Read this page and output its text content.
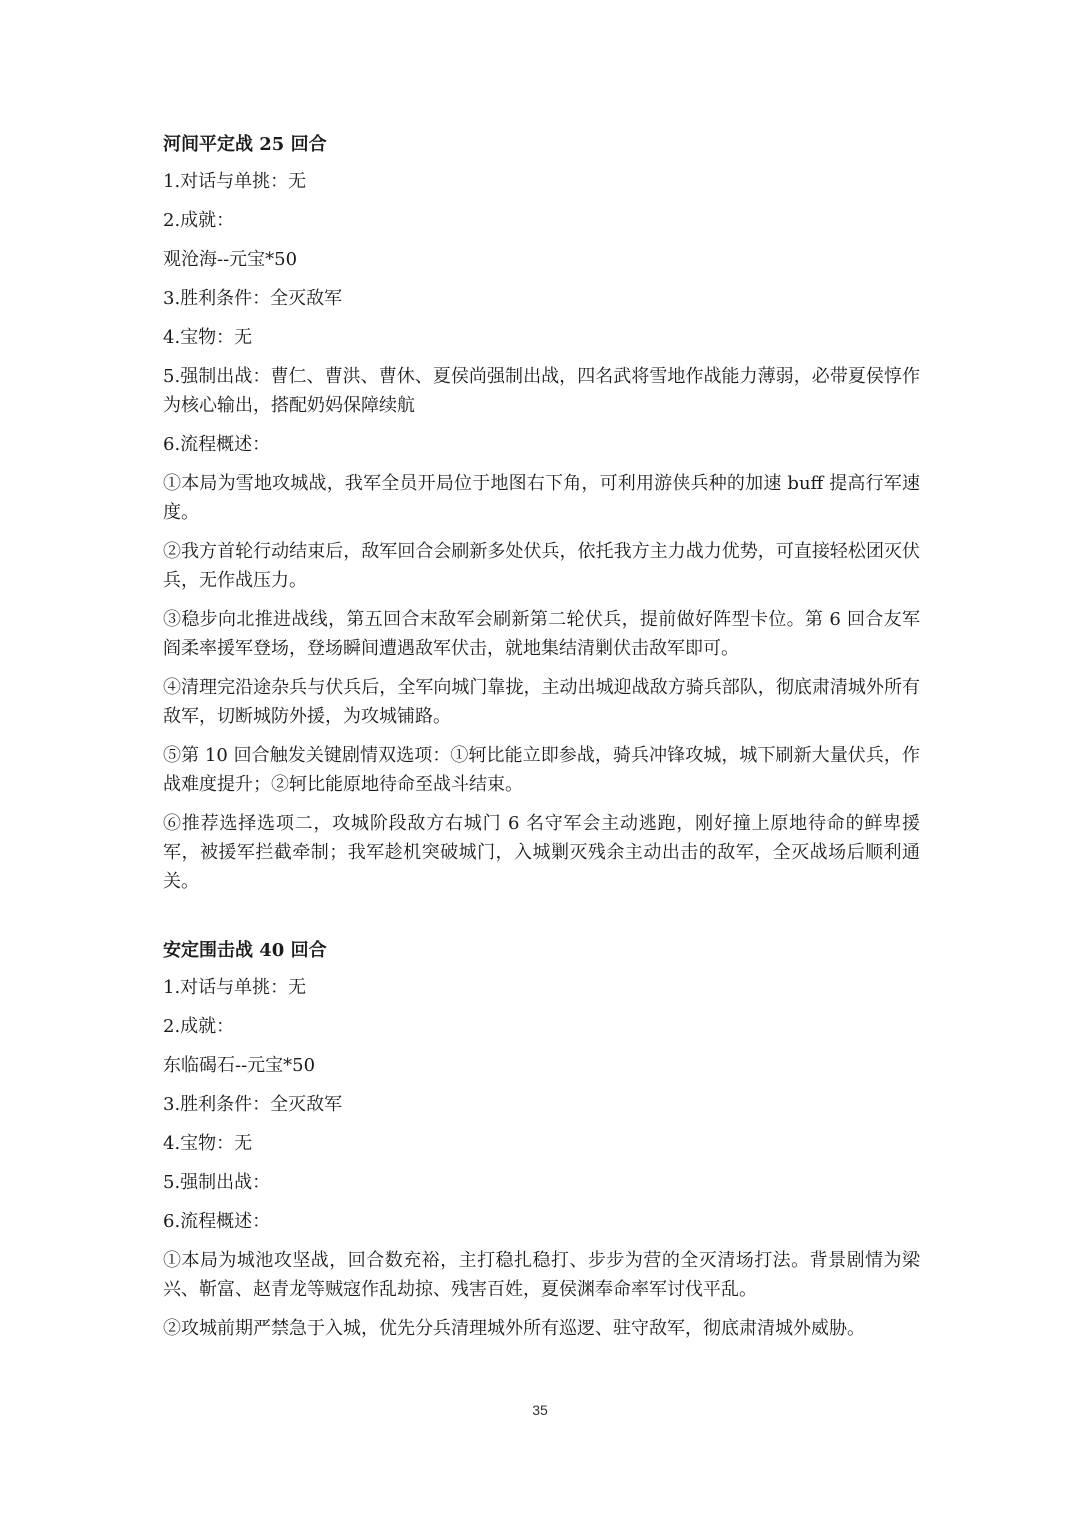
河间平定战 25 回合

1.对话与单挑：无

2.成就：

观沧海--元宝*50

3.胜利条件：全灭敌军

4.宝物：无

5.强制出战：曹仁、曹洪、曹休、夏侯尚强制出战，四名武将雪地作战能力薄弱，必带夏侯惇作为核心输出，搭配奶妈保障续航

6.流程概述：

①本局为雪地攻城战，我军全员开局位于地图右下角，可利用游侠兵种的加速 buff 提高行军速度。

②我方首轮行动结束后，敌军回合会刷新多处伏兵，依托我方主力战力优势，可直接轻松团灭伏兵，无作战压力。

③稳步向北推进战线，第五回合末敌军会刷新第二轮伏兵，提前做好阵型卡位。第 6 回合友军阎柔率援军登场，登场瞬间遭遇敌军伏击，就地集结清剿伏击敌军即可。

④清理完沿途杂兵与伏兵后，全军向城门靠拢，主动出城迎战敌方骑兵部队，彻底肃清城外所有敌军，切断城防外援，为攻城铺路。

⑤第 10 回合触发关键剧情双选项：①轲比能立即参战，骑兵冲锋攻城，城下刷新大量伏兵，作战难度提升；②轲比能原地待命至战斗结束。

⑥推荐选择选项二，攻城阶段敌方右城门 6 名守军会主动逃跑，刚好撞上原地待命的鲜卑援军，被援军拦截牵制；我军趁机突破城门，入城剿灭残余主动出击的敌军，全灭战场后顺利通关。

安定围击战 40 回合

1.对话与单挑：无

2.成就：

东临碣石--元宝*50

3.胜利条件：全灭敌军

4.宝物：无

5.强制出战：

6.流程概述：

①本局为城池攻坚战，回合数充裕，主打稳扎稳打、步步为营的全灭清场打法。背景剧情为梁兴、靳富、赵青龙等贼寇作乱劫掠、残害百姓，夏侯渊奉命率军讨伐平乱。

②攻城前期严禁急于入城，优先分兵清理城外所有巡逻、驻守敌军，彻底肃清城外威胁。

35
